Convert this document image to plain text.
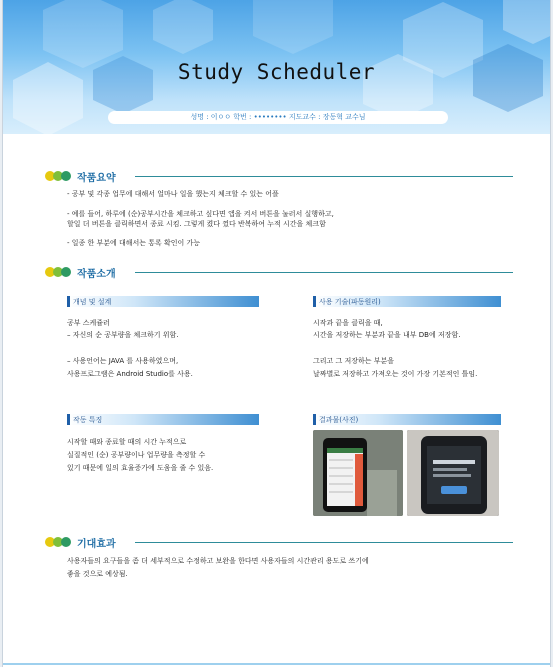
Study Scheduler
성명 : 이ㅇㅇ 학번 : •••••••• 지도교수 : 장동혁 교수님
작품요약
- 공부 및 각종 업무에 대해서 얼마나 일을 했는지 체크할 수 있는 어플
- 예를 들어, 하루에 (순)공부시간을 체크하고 싶다면 앱을 켜서 버튼을 눌러서 실행하고,
할일 더 버튼을 클릭하면서 종료 시킴. 그렇게 켰다 껐다 반복하여 누적 시간을 체크함
- 일종 한 부분에 대해서는 통록 확인이 가능
작품소개
개념 및 설계
공부 스케쥴러
– 자신의 순 공부량을 체크하기 위함.
– 사용언어는 JAVA 를 사용하였으며,
사용프로그램은 Android Studio를 사용.
사용 기술(파동원리)
시작과 끝을 클릭을 때,
시간을 저장하는 부분과 끝을 내부 DB에 저장함.
그리고 그 저장하는 부분을
날짜별로 저장하고 가져오는 것이 가장 기본적인 틀임.
작동 특징
시작할 때와 종료할 때의 시간 누적으로
실질적인 (순) 공부량이나 업무량을 측정할 수
있기 때문에 일의 효율증가에 도움을 줄 수 있음.
결과물(사진)
기대효과
사용자들의 요구들을 좀 더 세부적으로 수정하고 보완을 한다면 사용자들의 시간관리 용도로 쓰기에
좋을 것으로 예상됨.
